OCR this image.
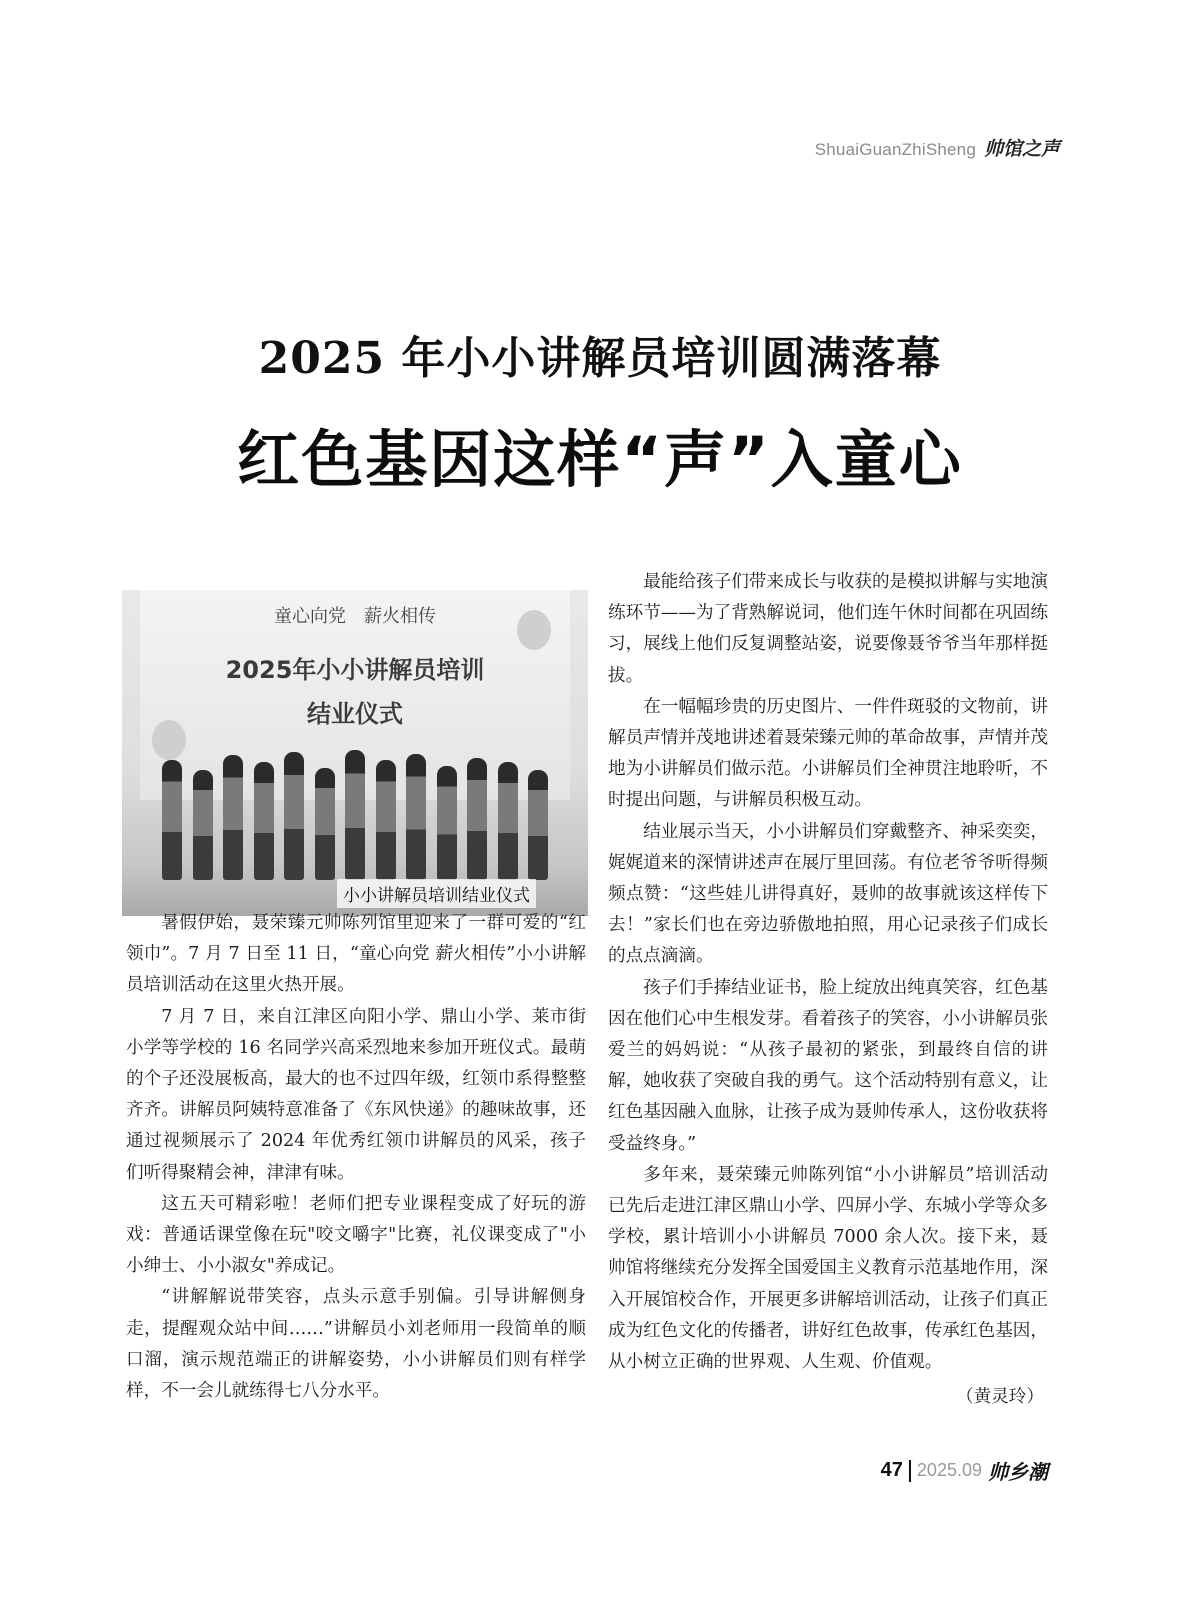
ShuaiGuanZhiSheng 帅馆之声
2025 年小小讲解员培训圆满落幕
红色基因这样“声”入童心
童心向党　薪火相传
2025年小小讲解员培训
结业仪式
小小讲解员培训结业仪式

暑假伊始，聂荣臻元帅陈列馆里迎来了一群可爱的“红领巾”。7 月 7 日至 11 日，“童心向党 薪火相传”小小讲解员培训活动在这里火热开展。

7 月 7 日，来自江津区向阳小学、鼎山小学、莱市街小学等学校的 16 名同学兴高采烈地来参加开班仪式。最萌的个子还没展板高，最大的也不过四年级，红领巾系得整整齐齐。讲解员阿姨特意准备了《东风快递》的趣味故事，还通过视频展示了 2024 年优秀红领巾讲解员的风采，孩子们听得聚精会神，津津有味。

这五天可精彩啦！老师们把专业课程变成了好玩的游戏：普通话课堂像在玩"咬文嚼字"比赛，礼仪课变成了"小小绅士、小小淑女"养成记。

“讲解解说带笑容，点头示意手别偏。引导讲解侧身走，提醒观众站中间……”讲解员小刘老师用一段简单的顺口溜，演示规范端正的讲解姿势，小小讲解员们则有样学样，不一会儿就练得七八分水平。

最能给孩子们带来成长与收获的是模拟讲解与实地演练环节——为了背熟解说词，他们连午休时间都在巩固练习，展线上他们反复调整站姿，说要像聂爷爷当年那样挺拔。

在一幅幅珍贵的历史图片、一件件斑驳的文物前，讲解员声情并茂地讲述着聂荣臻元帅的革命故事，声情并茂地为小讲解员们做示范。小讲解员们全神贯注地聆听，不时提出问题，与讲解员积极互动。

结业展示当天，小小讲解员们穿戴整齐、神采奕奕，娓娓道来的深情讲述声在展厅里回荡。有位老爷爷听得频频点赞：“这些娃儿讲得真好，聂帅的故事就该这样传下去！”家长们也在旁边骄傲地拍照，用心记录孩子们成长的点点滴滴。

孩子们手捧结业证书，脸上绽放出纯真笑容，红色基因在他们心中生根发芽。看着孩子的笑容，小小讲解员张爱兰的妈妈说：“从孩子最初的紧张，到最终自信的讲解，她收获了突破自我的勇气。这个活动特别有意义，让红色基因融入血脉，让孩子成为聂帅传承人，这份收获将受益终身。”

多年来，聂荣臻元帅陈列馆“小小讲解员”培训活动已先后走进江津区鼎山小学、四屏小学、东城小学等众多学校，累计培训小小讲解员 7000 余人次。接下来，聂帅馆将继续充分发挥全国爱国主义教育示范基地作用，深入开展馆校合作，开展更多讲解培训活动，让孩子们真正成为红色文化的传播者，讲好红色故事，传承红色基因，从小树立正确的世界观、人生观、价值观。

（黄灵玲）

47 2025.09 帅乡潮
